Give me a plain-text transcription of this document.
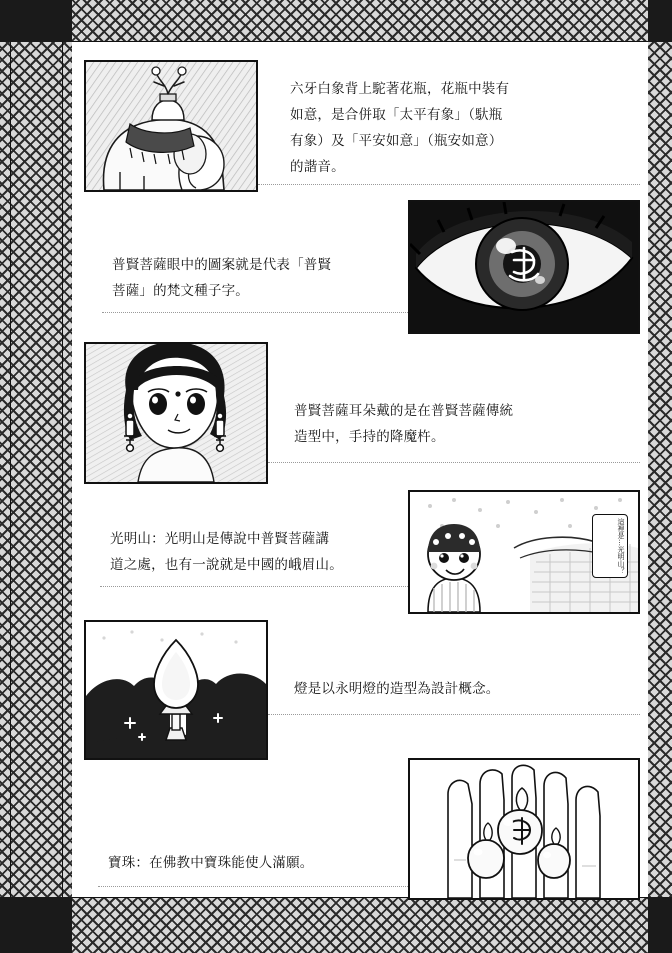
六牙白象背上駝著花瓶，花瓶中裝有
如意，是合併取「太平有象」（馱瓶
有象）及「平安如意」（瓶安如意）
的諧音。
普賢菩薩眼中的圖案就是代表「普賢
菩薩」的梵文種子字。
普賢菩薩耳朵戴的是在普賢菩薩傳統
造型中，手持的降魔杵。
這裡是…光明山？
光明山：光明山是傳說中普賢菩薩講
道之處，也有一說就是中國的峨眉山。
燈是以永明燈的造型為設計概念。
寶珠：在佛教中寶珠能使人滿願。
